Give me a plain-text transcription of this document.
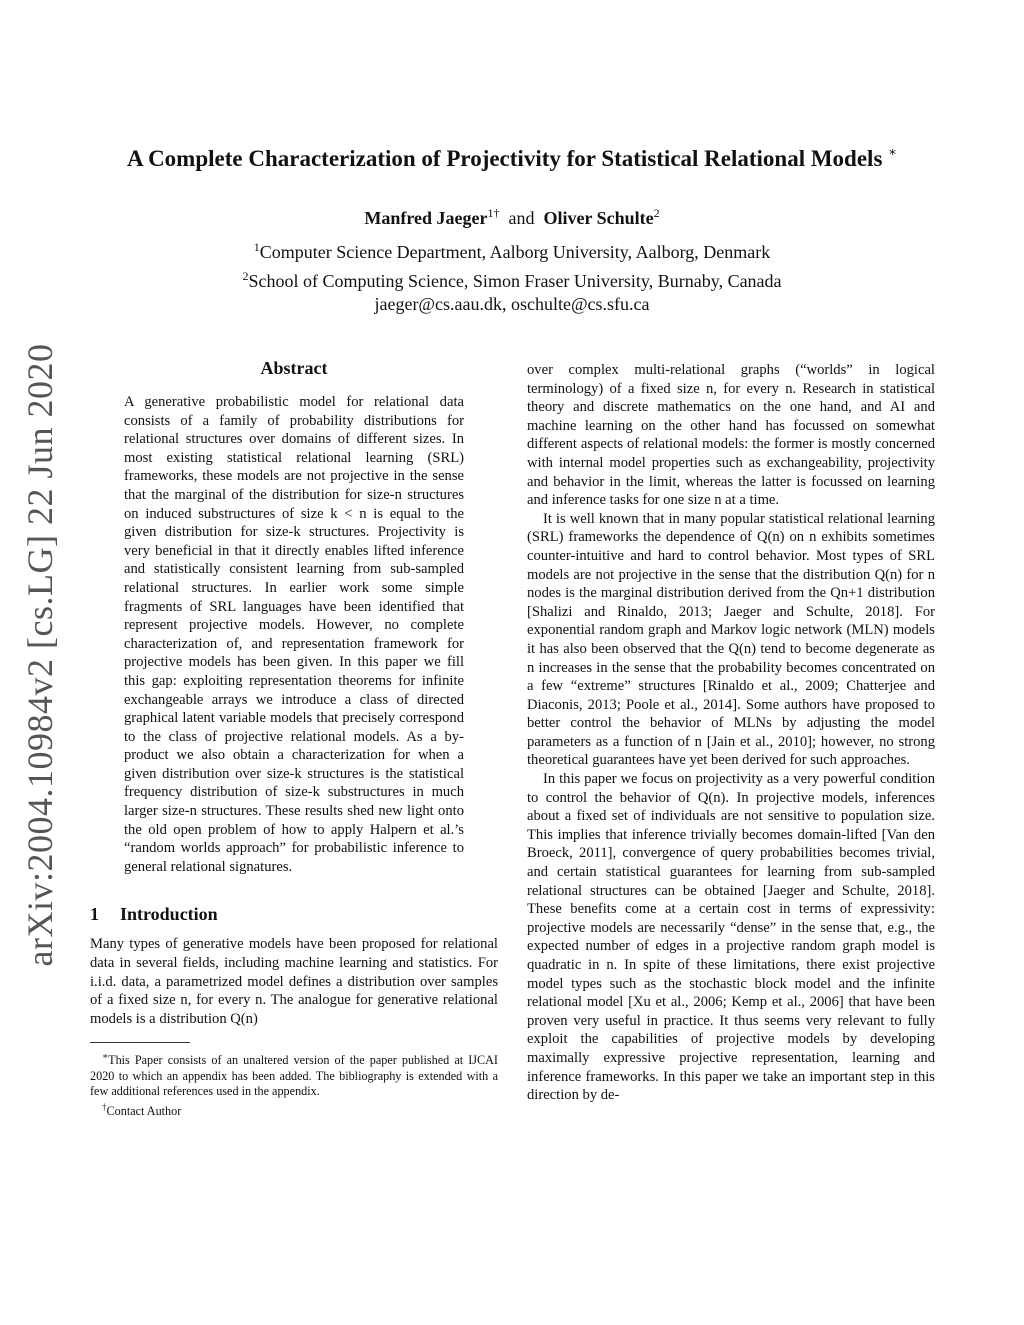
arXiv:2004.10984v2 [cs.LG] 22 Jun 2020
A Complete Characterization of Projectivity for Statistical Relational Models ∗
Manfred Jaeger$^{1\dagger}$ and Oliver Schulte$^2$
$^1$Computer Science Department, Aalborg University, Aalborg, Denmark
$^2$School of Computing Science, Simon Fraser University, Burnaby, Canada
jaeger@cs.aau.dk, oschulte@cs.sfu.ca
Abstract

A generative probabilistic model for relational data consists of a family of probability distributions for relational structures over domains of different sizes. In most existing statistical relational learning (SRL) frameworks, these models are not projective in the sense that the marginal of the distribution for size-n structures on induced substructures of size k < n is equal to the given distribution for size-k structures. Projectivity is very beneficial in that it directly enables lifted inference and statistically consistent learning from sub-sampled relational structures. In earlier work some simple fragments of SRL languages have been identified that represent projective models. However, no complete characterization of, and representation framework for projective models has been given. In this paper we fill this gap: exploiting representation theorems for infinite exchangeable arrays we introduce a class of directed graphical latent variable models that precisely correspond to the class of projective relational models. As a by-product we also obtain a characterization for when a given distribution over size-k structures is the statistical frequency distribution of size-k substructures in much larger size-n structures. These results shed new light onto the old open problem of how to apply Halpern et al.’s “random worlds approach” for probabilistic inference to general relational signatures.

1 Introduction

Many types of generative models have been proposed for relational data in several fields, including machine learning and statistics. For i.i.d. data, a parametrized model defines a distribution over samples of a fixed size n, for every n. The analogue for generative relational models is a distribution Q(n)

∗This Paper consists of an unaltered version of the paper published at IJCAI 2020 to which an appendix has been added. The bibliography is extended with a few additional references used in the appendix.

†Contact Author

over complex multi-relational graphs (“worlds” in logical terminology) of a fixed size n, for every n. Research in statistical theory and discrete mathematics on the one hand, and AI and machine learning on the other hand has focussed on somewhat different aspects of relational models: the former is mostly concerned with internal model properties such as exchangeability, projectivity and behavior in the limit, whereas the latter is focussed on learning and inference tasks for one size n at a time.

It is well known that in many popular statistical relational learning (SRL) frameworks the dependence of Q(n) on n exhibits sometimes counter-intuitive and hard to control behavior. Most types of SRL models are not projective in the sense that the distribution Q(n) for n nodes is the marginal distribution derived from the Qn+1 distribution [Shalizi and Rinaldo, 2013; Jaeger and Schulte, 2018]. For exponential random graph and Markov logic network (MLN) models it has also been observed that the Q(n) tend to become degenerate as n increases in the sense that the probability becomes concentrated on a few “extreme” structures [Rinaldo et al., 2009; Chatterjee and Diaconis, 2013; Poole et al., 2014]. Some authors have proposed to better control the behavior of MLNs by adjusting the model parameters as a function of n [Jain et al., 2010]; however, no strong theoretical guarantees have yet been derived for such approaches.

In this paper we focus on projectivity as a very powerful condition to control the behavior of Q(n). In projective models, inferences about a fixed set of individuals are not sensitive to population size. This implies that inference trivially becomes domain-lifted [Van den Broeck, 2011], convergence of query probabilities becomes trivial, and certain statistical guarantees for learning from sub-sampled relational structures can be obtained [Jaeger and Schulte, 2018]. These benefits come at a certain cost in terms of expressivity: projective models are necessarily “dense” in the sense that, e.g., the expected number of edges in a projective random graph model is quadratic in n. In spite of these limitations, there exist projective model types such as the stochastic block model and the infinite relational model [Xu et al., 2006; Kemp et al., 2006] that have been proven very useful in practice. It thus seems very relevant to fully exploit the capabilities of projective models by developing maximally expressive projective representation, learning and inference frameworks. In this paper we take an important step in this direction by de-
